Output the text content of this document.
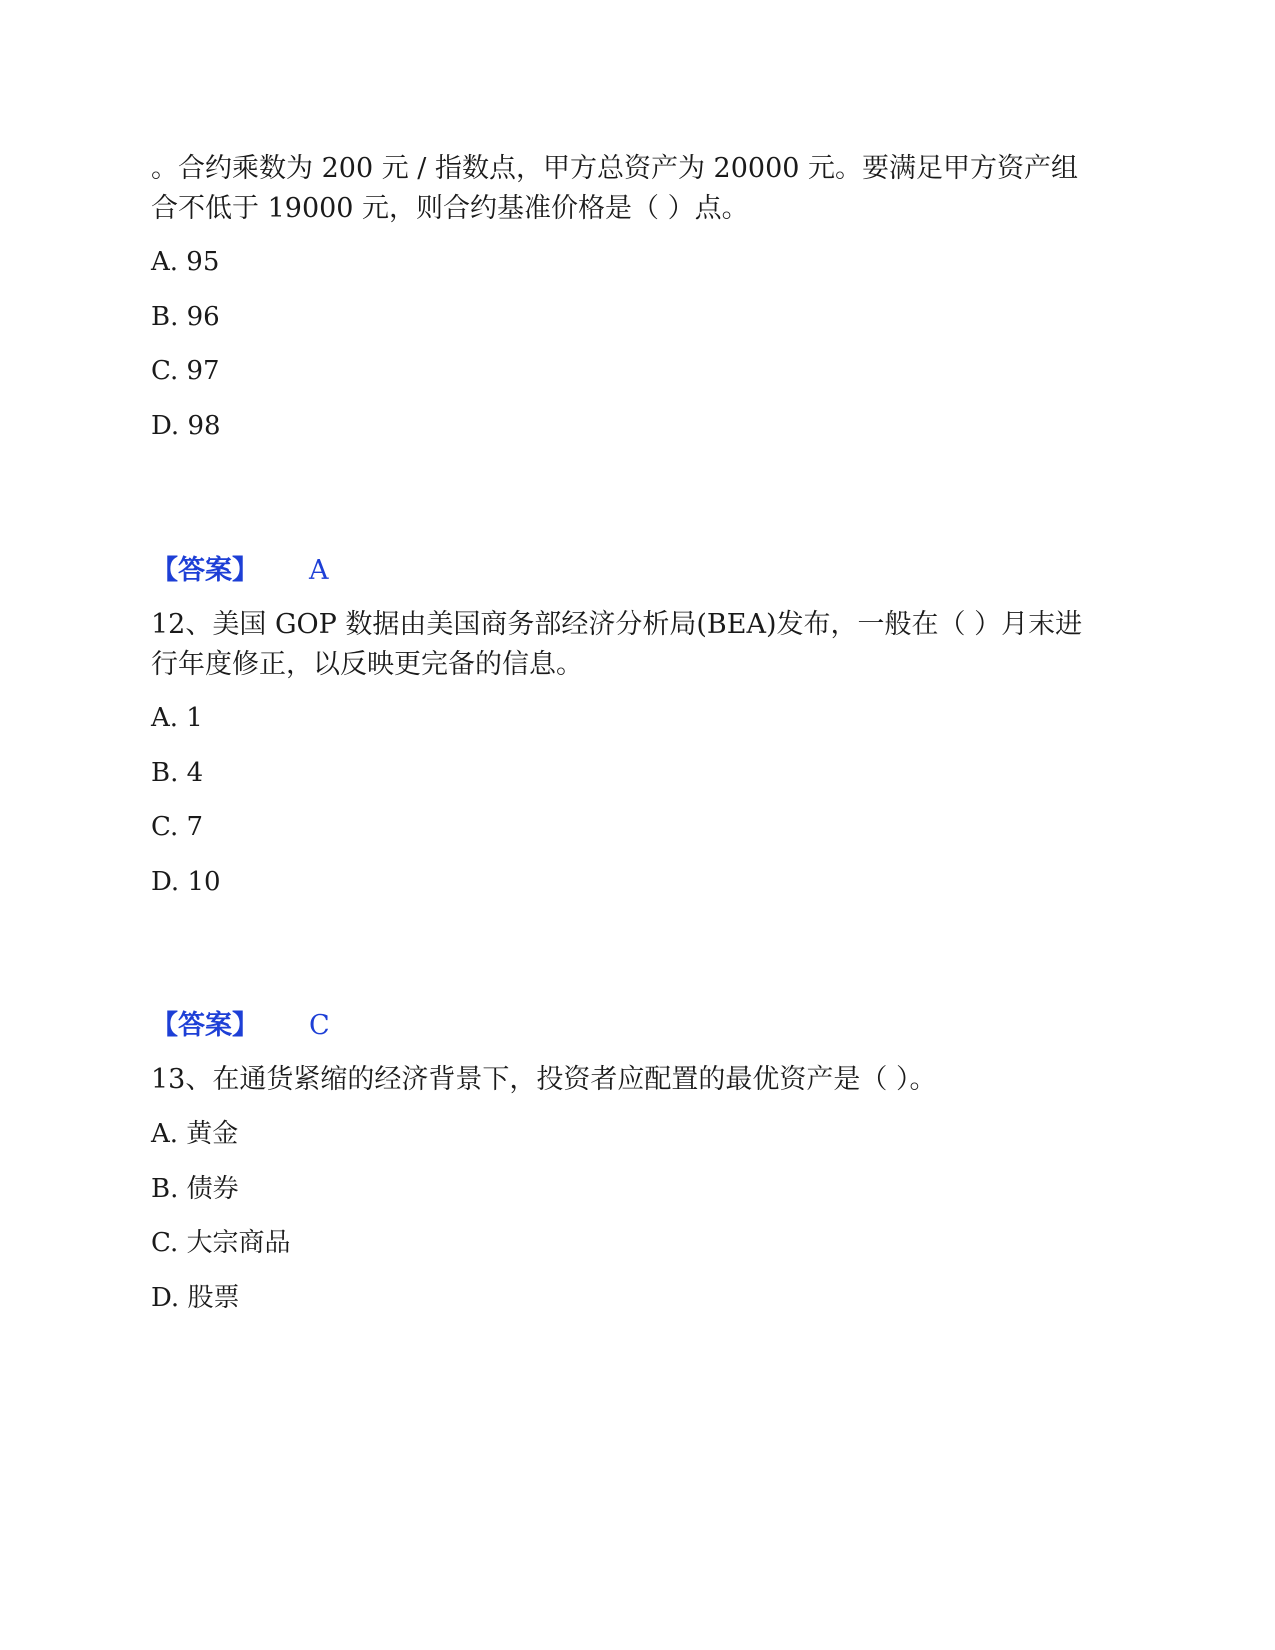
。合约乘数为 200 元 / 指数点，甲方总资产为 20000 元。要满足甲方资产组
合不低于 19000 元，则合约基准价格是（ ）点。
A. 95
B. 96
C. 97
D. 98
【答案】 A
12、美国 GOP 数据由美国商务部经济分析局(BEA)发布，一般在（ ）月末进
行年度修正，以反映更完备的信息。
A. 1
B. 4
C. 7
D. 10
【答案】 C
13、在通货紧缩的经济背景下，投资者应配置的最优资产是（ ）。
A. 黄金
B. 债券
C. 大宗商品
D. 股票
